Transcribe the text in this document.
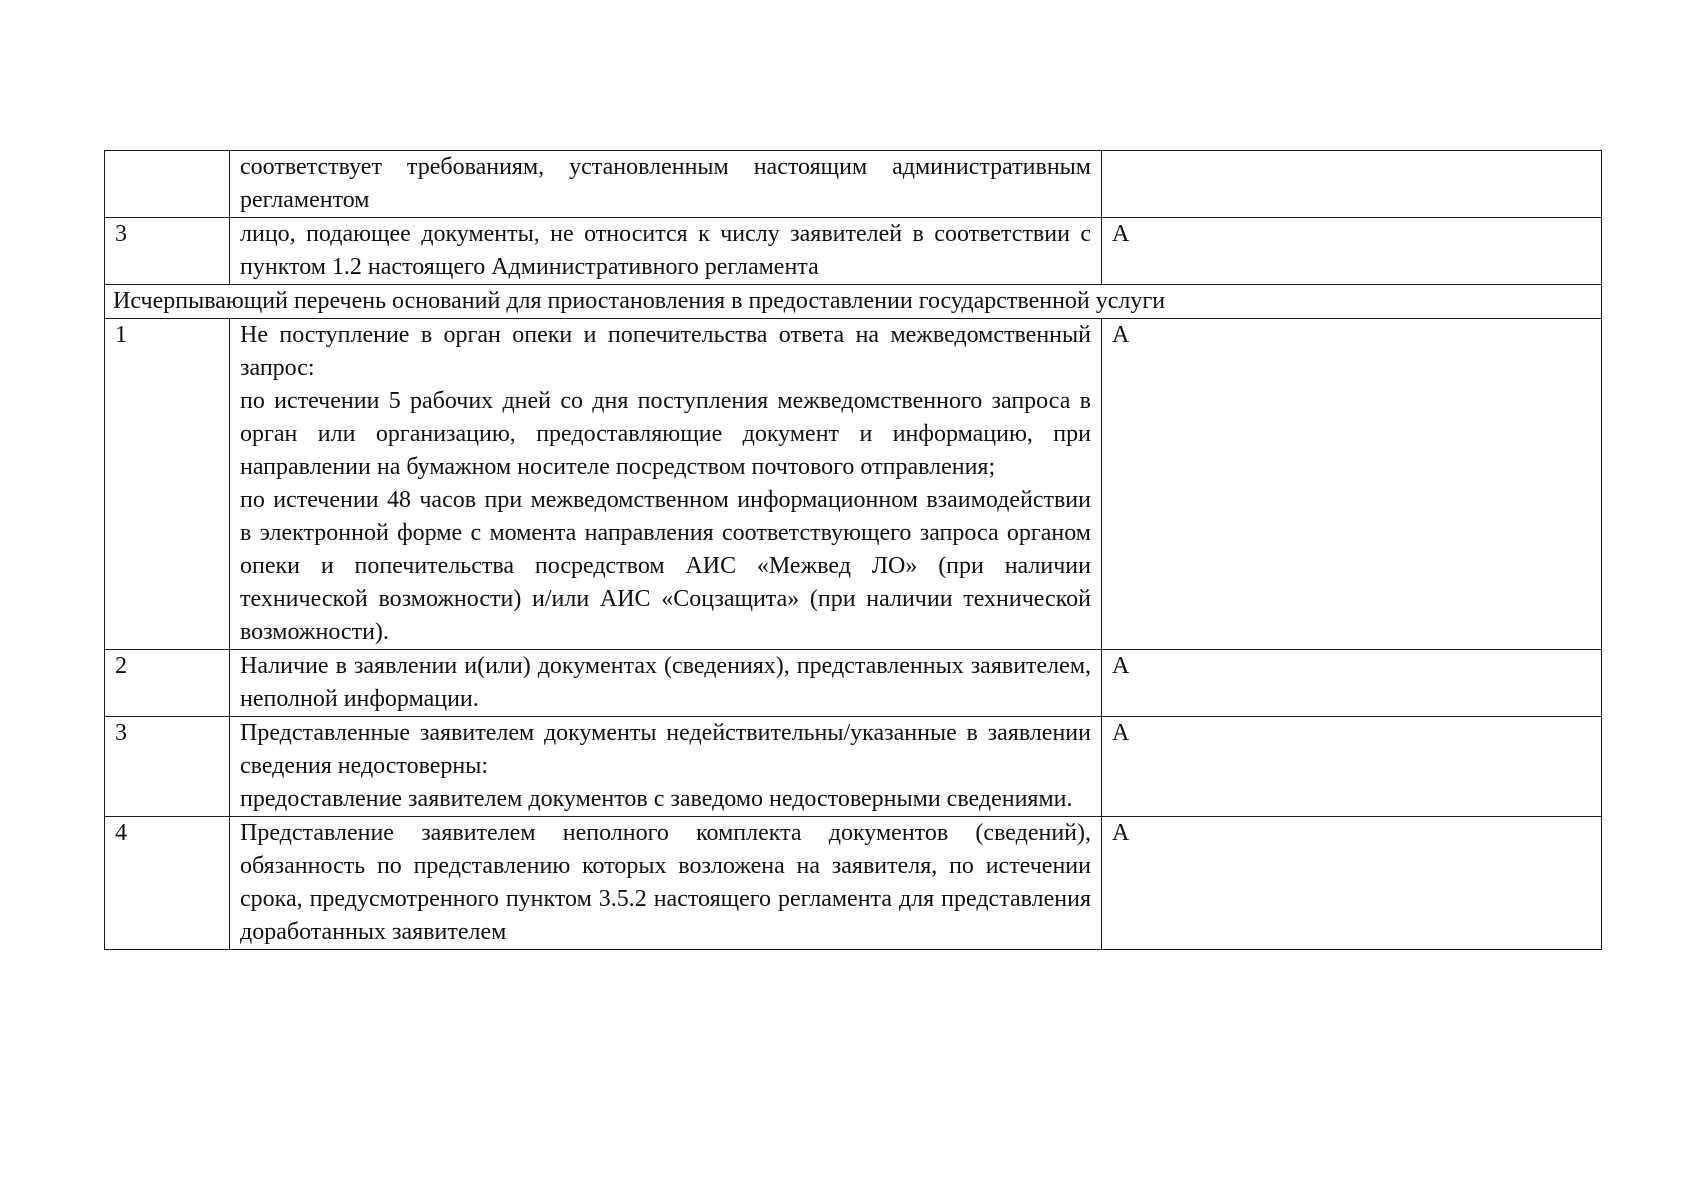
	соответствует требованиям, установленным настоящим административным регламентом	

3	лицо, подающее документы, не относится к числу заявителей в соответствии с пунктом 1.2 настоящего Административного регламента	А
Исчерпывающий перечень оснований для приостановления в предоставлении государственной услуги		
1	Не поступление в орган опеки и попечительства ответа на межведомственный запрос:
по истечении 5 рабочих дней со дня поступления межведомственного запроса в орган или организацию, предоставляющие документ и информацию, при направлении на бумажном носителе посредством почтового отправления;
по истечении 48 часов при межведомственном информационном взаимодействии в электронной форме с момента направления соответствующего запроса органом опеки и попечительства посредством АИС «Межвед ЛО» (при наличии технической возможности) и/или АИС «Соцзащита» (при наличии технической возможности).	А
2	Наличие в заявлении и(или) документах (сведениях), представленных заявителем, неполной информации.	А
3	Представленные заявителем документы недействительны/указанные в заявлении сведения недостоверны:
предоставление заявителем документов с заведомо недостоверными сведениями.	А
4	Представление заявителем неполного комплекта документов (сведений), обязанность по представлению которых возложена на заявителя, по истечении срока, предусмотренного пунктом 3.5.2 настоящего регламента для представления доработанных заявителем	А
